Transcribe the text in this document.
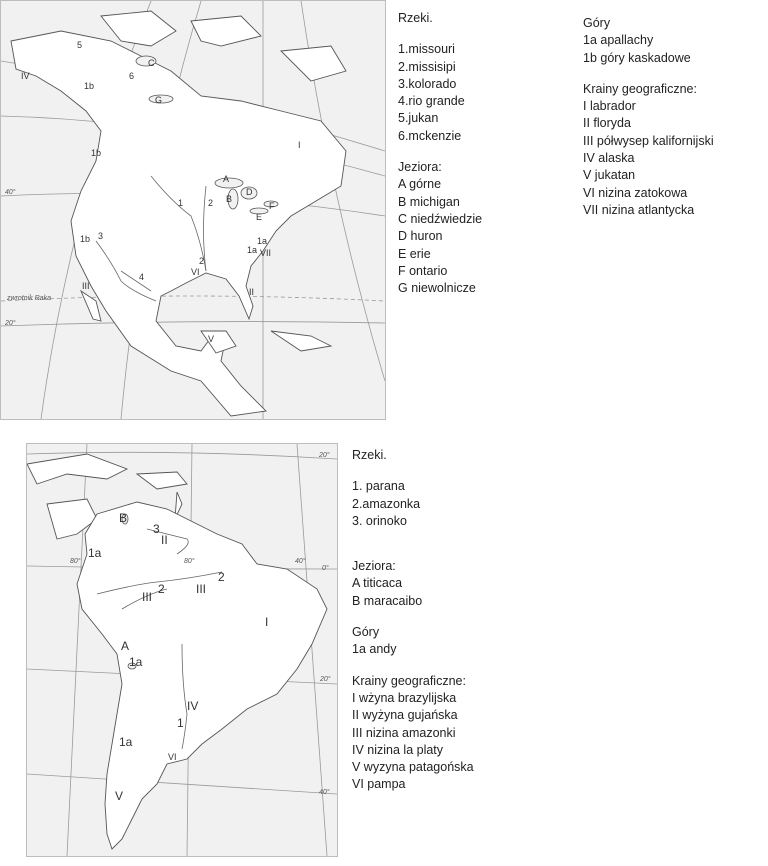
5
IV
C
6
1b
G
1b
I
A
D
B
2
1
E
F
1b 3	1a
1a VII
2
VI
4
III
II
V
40°
20°
zwrotnik Raka
Rzeki.
1.missouri
2.missisipi
3.kolorado
4.rio grande
5.jukan
6.mckenzie
Jeziora:
A górne
B michigan
C niedźwiedzie
D huron
E erie
F ontario
G niewolnicze
Góry
1a apallachy
1b góry kaskadowe
Krainy geograficzne:
I labrador
II floryda
III półwysep kalifornijski
IV alaska
V jukatan
VI nizina zatokowa
VII nizina atlantycka
B
3
II
1a
2
III
2
III
I
A
1a
IV
1
1a
VI
V
20°
0°
20°
40°
80°	80°	40°
Rzeki.
1. parana
2.amazonka
3. orinoko
Jeziora:
A titicaca
B maracaibo
Góry
1a andy
Krainy geograficzne:
I wżyna brazylijska
II wyżyna gujańska
III nizina amazonki
IV nizina la platy
V wyzyna patagońska
VI pampa
